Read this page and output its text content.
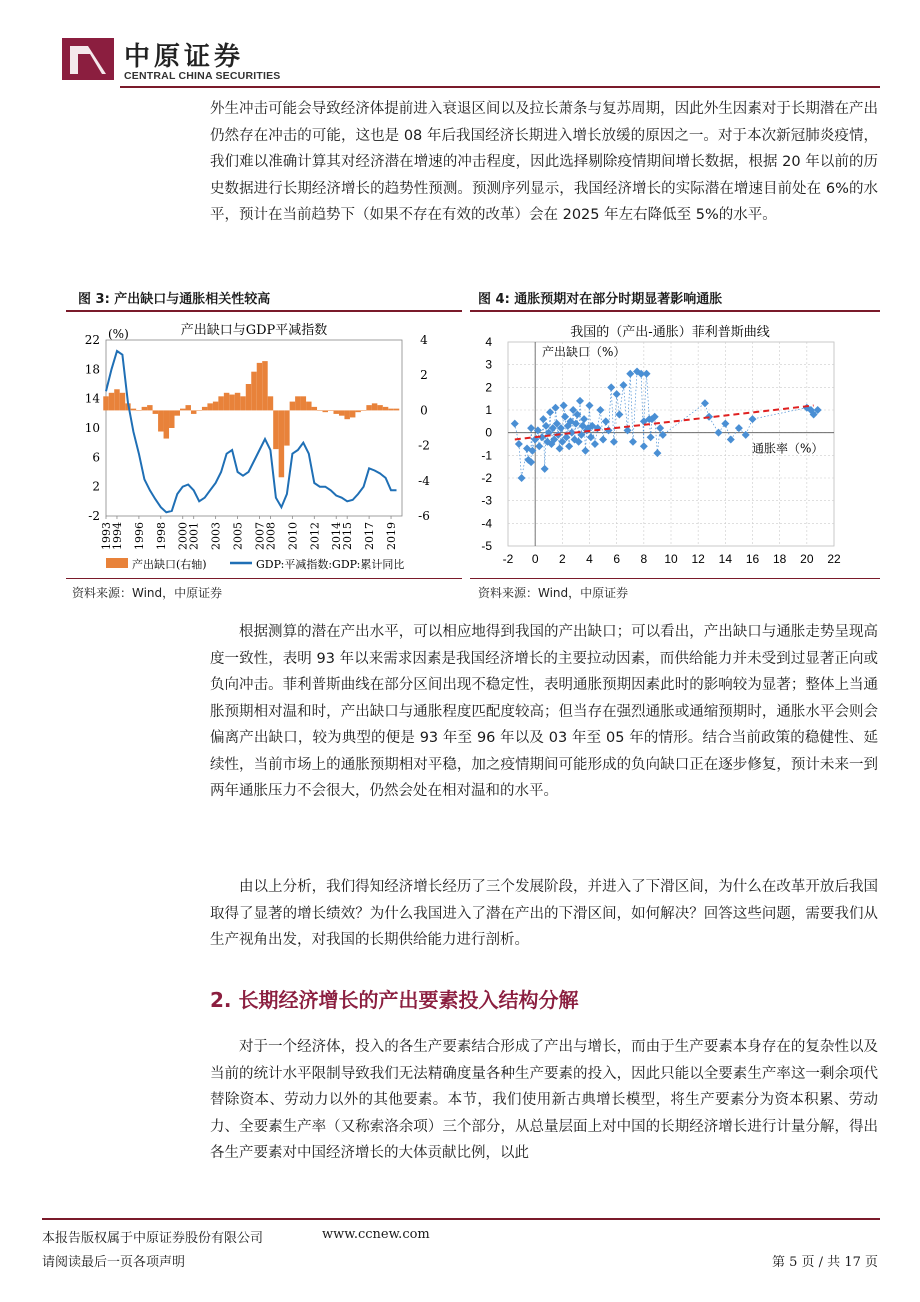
中原证券
CENTRAL CHINA SECURITIES

外生冲击可能会导致经济体提前进入衰退区间以及拉长萧条与复苏周期，因此外生因素对于长期潜在产出仍然存在冲击的可能，这也是 08 年后我国经济长期进入增长放缓的原因之一。对于本次新冠肺炎疫情，我们难以准确计算其对经济潜在增速的冲击程度，因此选择剔除疫情期间增长数据，根据 20 年以前的历史数据进行长期经济增长的趋势性预测。预测序列显示，我国经济增长的实际潜在增速目前处在 6%的水平，预计在当前趋势下（如果不存在有效的改革）会在 2025 年左右降低至 5%的水平。

图 3: 产出缺口与通胀相关性较高
产出缺口与GDP平减指数
(%)
22
18
14
10
6
2
-2
4
2
0
-2
-4
-6
1993
1994 1996 1998 2000
2001 2003 2005 2007
2008 2010 2012 2014
2015 2017 2019
产出缺口(右轴)	GDP:平减指数:GDP:累计同比
资料来源：Wind，中原证券
图 4: 通胀预期对在部分时期显著影响通胀
4
3
2
1
0
-1
-2
-3
-4
-5
-2 0 2 4 6 8 10 12 14 16 18 20 22
我国的（产出-通胀）菲利普斯曲线
产出缺口（%）
通胀率（%）
资料来源：Wind，中原证券

根据测算的潜在产出水平，可以相应地得到我国的产出缺口；可以看出，产出缺口与通胀走势呈现高度一致性，表明 93 年以来需求因素是我国经济增长的主要拉动因素，而供给能力并未受到过显著正向或负向冲击。菲利普斯曲线在部分区间出现不稳定性，表明通胀预期因素此时的影响较为显著；整体上当通胀预期相对温和时，产出缺口与通胀程度匹配度较高；但当存在强烈通胀或通缩预期时，通胀水平会则会偏离产出缺口，较为典型的便是 93 年至 96 年以及 03 年至 05 年的情形。结合当前政策的稳健性、延续性，当前市场上的通胀预期相对平稳，加之疫情期间可能形成的负向缺口正在逐步修复，预计未来一到两年通胀压力不会很大，仍然会处在相对温和的水平。

由以上分析，我们得知经济增长经历了三个发展阶段，并进入了下滑区间，为什么在改革开放后我国取得了显著的增长绩效？为什么我国进入了潜在产出的下滑区间，如何解决？回答这些问题，需要我们从生产视角出发，对我国的长期供给能力进行剖析。

2. 长期经济增长的产出要素投入结构分解

对于一个经济体，投入的各生产要素结合形成了产出与增长，而由于生产要素本身存在的复杂性以及当前的统计水平限制导致我们无法精确度量各种生产要素的投入，因此只能以全要素生产率这一剩余项代替除资本、劳动力以外的其他要素。本节，我们使用新古典增长模型，将生产要素分为资本积累、劳动力、全要素生产率（又称索洛余项）三个部分，从总量层面上对中国的长期经济增长进行计量分解，得出各生产要素对中国经济增长的大体贡献比例，以此

本报告版权属于中原证券股份有限公司	www.ccnew.com
请阅读最后一页各项声明	第 5 页 / 共 17 页
